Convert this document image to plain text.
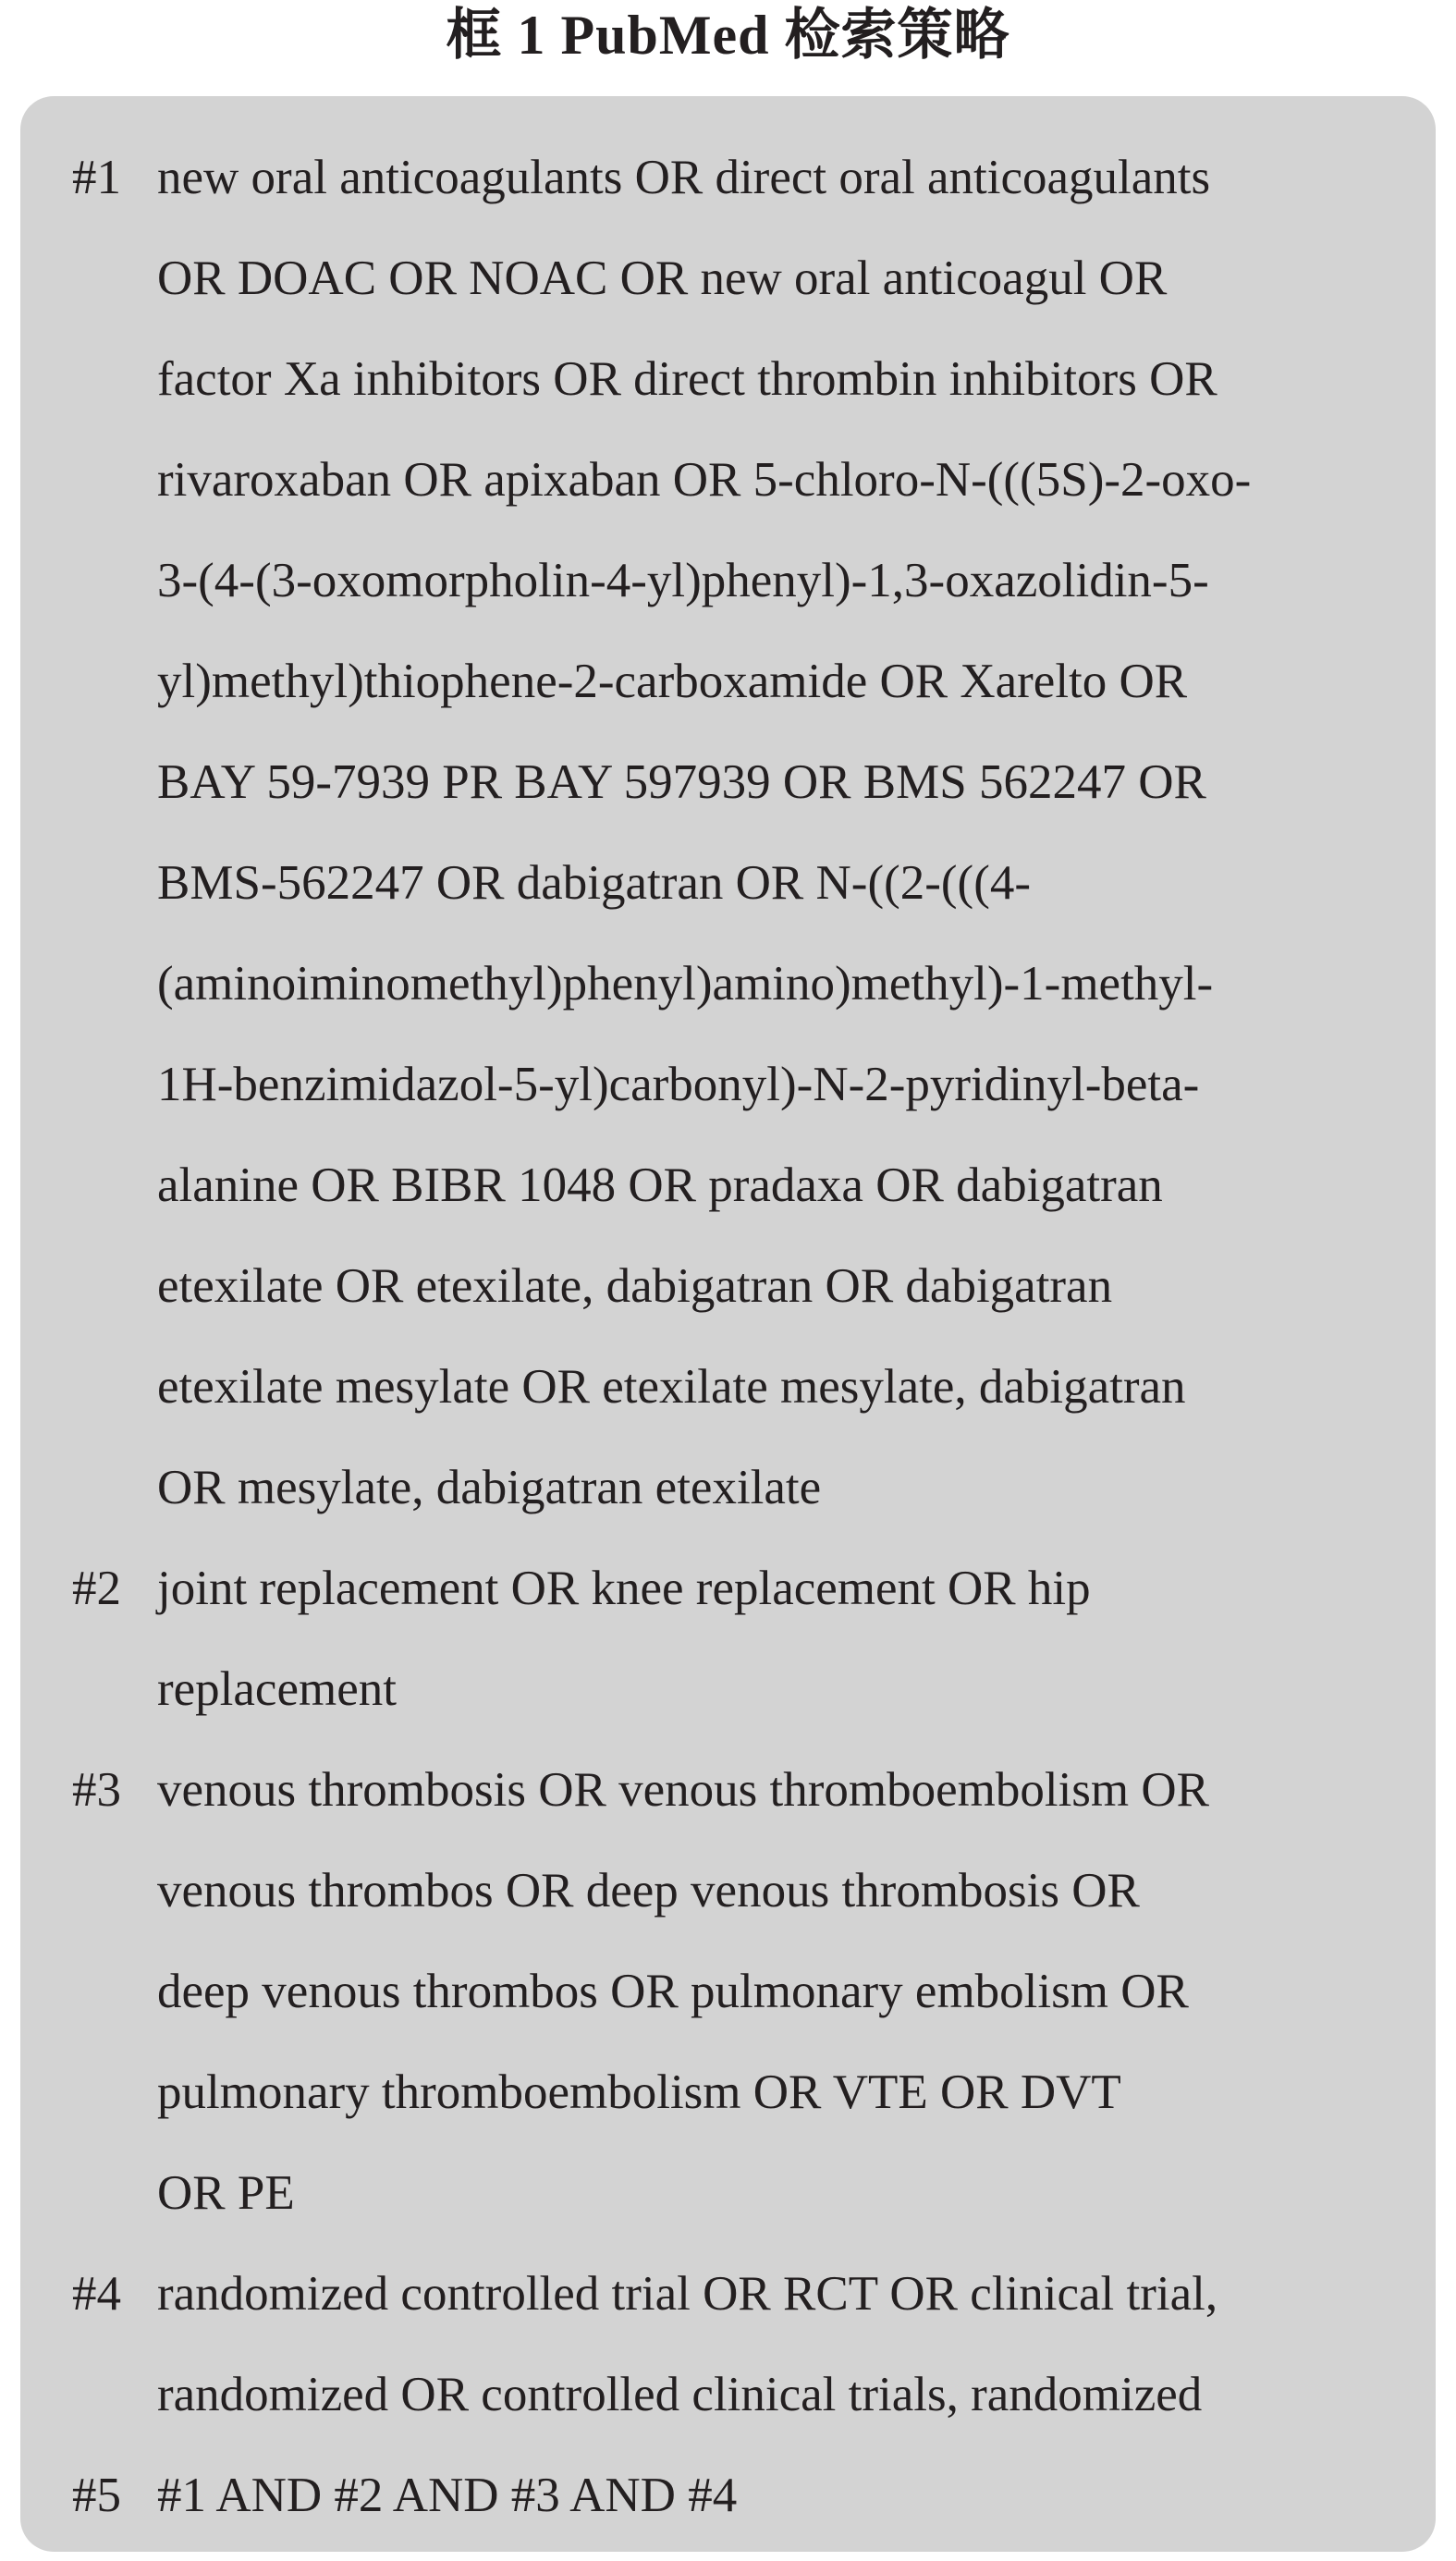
框 1 PubMed 检索策略
#1 new oral anticoagulants OR direct oral anticoagulants
OR DOAC OR NOAC OR new oral anticoagul OR
factor Xa inhibitors OR direct thrombin inhibitors OR
rivaroxaban OR apixaban OR 5-chloro-N-(((5S)-2-oxo-
3-(4-(3-oxomorpholin-4-yl)phenyl)-1,3-oxazolidin-5-
yl)methyl)thiophene-2-carboxamide OR Xarelto OR
BAY 59-7939 PR BAY 597939 OR BMS 562247 OR
BMS-562247 OR dabigatran OR N-((2-(((4-
(aminoiminomethyl)phenyl)amino)methyl)-1-methyl-
1H-benzimidazol-5-yl)carbonyl)-N-2-pyridinyl-beta-
alanine OR BIBR 1048 OR pradaxa OR dabigatran
etexilate OR etexilate, dabigatran OR dabigatran
etexilate mesylate OR etexilate mesylate, dabigatran
OR mesylate, dabigatran etexilate
#2 joint replacement OR knee replacement OR hip
replacement
#3 venous thrombosis OR venous thromboembolism OR
venous thrombos OR deep venous thrombosis OR
deep venous thrombos OR pulmonary embolism OR
pulmonary thromboembolism OR VTE OR DVT
OR PE
#4 randomized controlled trial OR RCT OR clinical trial,
randomized OR controlled clinical trials, randomized
#5 #1 AND #2 AND #3 AND #4
